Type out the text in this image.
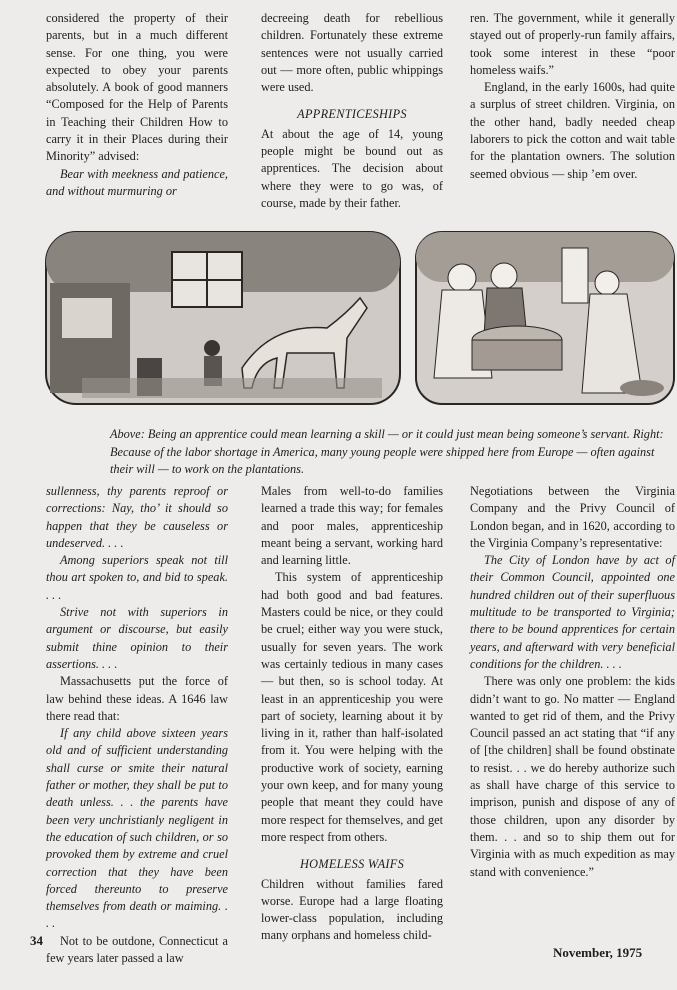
considered the property of their parents, but in a much different sense. For one thing, you were expected to obey your parents absolutely. A book of good manners “Composed for the Help of Parents in Teaching their Children How to carry it in their Places during their Minority” advised:

Bear with meekness and patience, and without murmuring or

decreeing death for rebellious children. Fortunately these extreme sentences were not usually carried out — more often, public whippings were used.

APPRENTICESHIPS

At about the age of 14, young people might be bound out as apprentices. The decision about where they were to go was, of course, made by their father.

ren. The government, while it generally stayed out of properly-run family affairs, took some interest in these “poor homeless waifs.”

England, in the early 1600s, had quite a surplus of street children. Virginia, on the other hand, badly needed cheap laborers to pick the cotton and wait table for the plantation owners. The solution seemed obvious — ship ’em over.

Above: Being an apprentice could mean learning a skill — or it could just mean being someone’s servant. Right: Because of the labor shortage in America, many young people were shipped here from Europe — often against their will — to work on the plantations.

sullenness, thy parents reproof or corrections: Nay, tho’ it should so happen that they be causeless or undeserved. . . .

Among superiors speak not till thou art spoken to, and bid to speak. . . .

Strive not with superiors in argument or discourse, but easily submit thine opinion to their assertions. . . .

Massachusetts put the force of law behind these ideas. A 1646 law there read that:

If any child above sixteen years old and of sufficient understanding shall curse or smite their natural father or mother, they shall be put to death unless. . . the parents have been very unchristianly negligent in the education of such children, or so provoked them by extreme and cruel correction that they have been forced thereunto to preserve themselves from death or maiming. . . .

Not to be outdone, Connecticut a few years later passed a law

Males from well-to-do families learned a trade this way; for females and poor males, apprenticeship meant being a servant, working hard and learning little.

This system of apprenticeship had both good and bad features. Masters could be nice, or they could be cruel; either way you were stuck, usually for seven years. The work was certainly tedious in many cases — but then, so is school today. At least in an apprenticeship you were part of society, learning about it by living in it, rather than half-isolated from it. You were helping with the productive work of society, earning your own keep, and for many young people that meant they could have more respect for themselves, and get more respect from others.

HOMELESS WAIFS

Children without families fared worse. Europe had a large floating lower-class population, including many orphans and homeless child-

Negotiations between the Virginia Company and the Privy Council of London began, and in 1620, according to the Virginia Company’s representative:

The City of London have by act of their Common Council, appointed one hundred children out of their superfluous multitude to be transported to Virginia; there to be bound apprentices for certain years, and afterward with very beneficial conditions for the children. . . .

There was only one problem: the kids didn’t want to go. No matter — England wanted to get rid of them, and the Privy Council passed an act stating that “if any of [the children] shall be found obstinate to resist. . . we do hereby authorize such as shall have charge of this service to imprison, punish and dispose of any of those children, upon any disorder by them. . . and so to ship them out for Virginia with as much expedition as may stand with convenience.”

34
November, 1975
